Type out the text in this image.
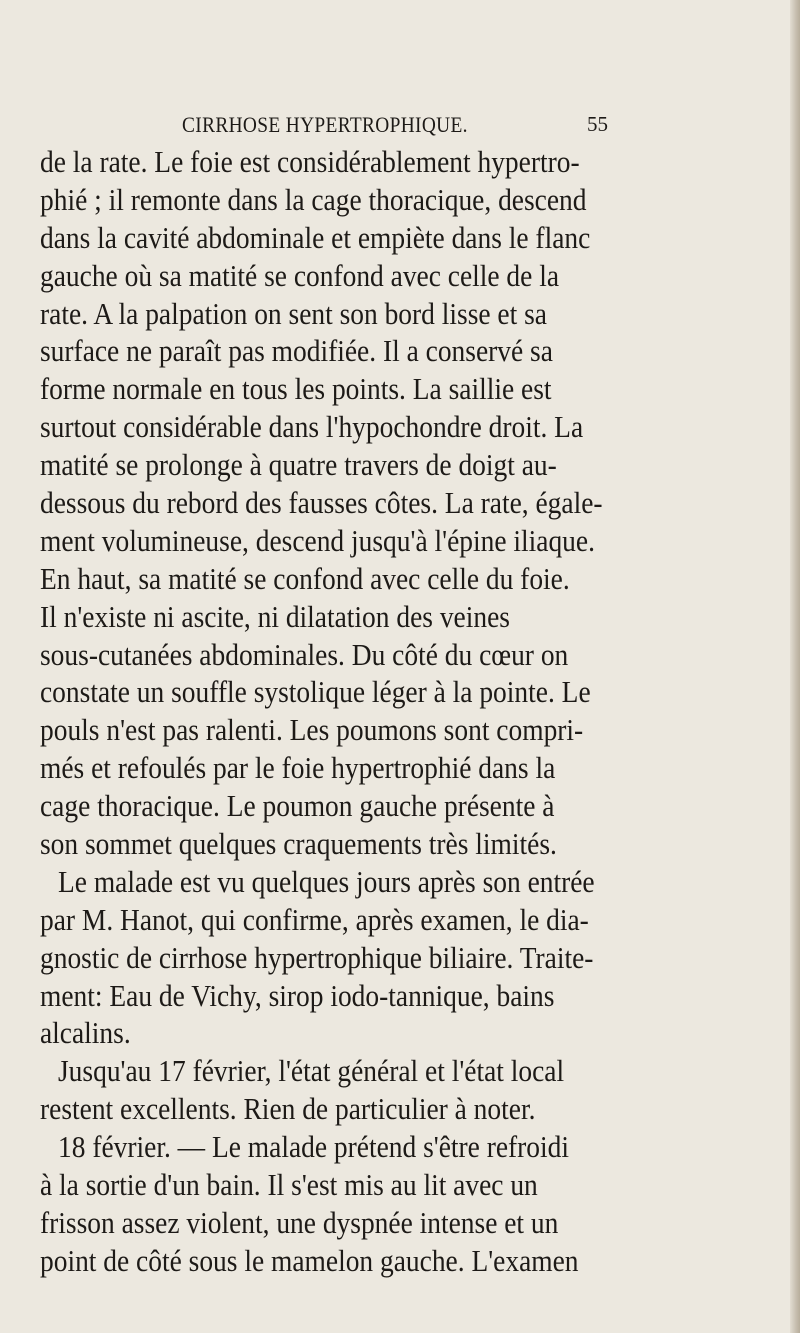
CIRRHOSE HYPERTROPHIQUE.	55
de la rate. Le foie est considérablement hypertro-
phié ; il remonte dans la cage thoracique, descend
dans la cavité abdominale et empiète dans le flanc
gauche où sa matité se confond avec celle de la
rate. A la palpation on sent son bord lisse et sa
surface ne paraît pas modifiée. Il a conservé sa
forme normale en tous les points. La saillie est
surtout considérable dans l'hypochondre droit. La
matité se prolonge à quatre travers de doigt au-
dessous du rebord des fausses côtes. La rate, égale-
ment volumineuse, descend jusqu'à l'épine iliaque.
En haut, sa matité se confond avec celle du foie.
Il n'existe ni ascite, ni dilatation des veines
sous-cutanées abdominales. Du côté du cœur on
constate un souffle systolique léger à la pointe. Le
pouls n'est pas ralenti. Les poumons sont compri-
més et refoulés par le foie hypertrophié dans la
cage thoracique. Le poumon gauche présente à
son sommet quelques craquements très limités.
Le malade est vu quelques jours après son entrée
par M. Hanot, qui confirme, après examen, le dia-
gnostic de cirrhose hypertrophique biliaire. Traite-
ment: Eau de Vichy, sirop iodo-tannique, bains
alcalins.
Jusqu'au 17 février, l'état général et l'état local
restent excellents. Rien de particulier à noter.
18 février. — Le malade prétend s'être refroidi
à la sortie d'un bain. Il s'est mis au lit avec un
frisson assez violent, une dyspnée intense et un
point de côté sous le mamelon gauche. L'examen
